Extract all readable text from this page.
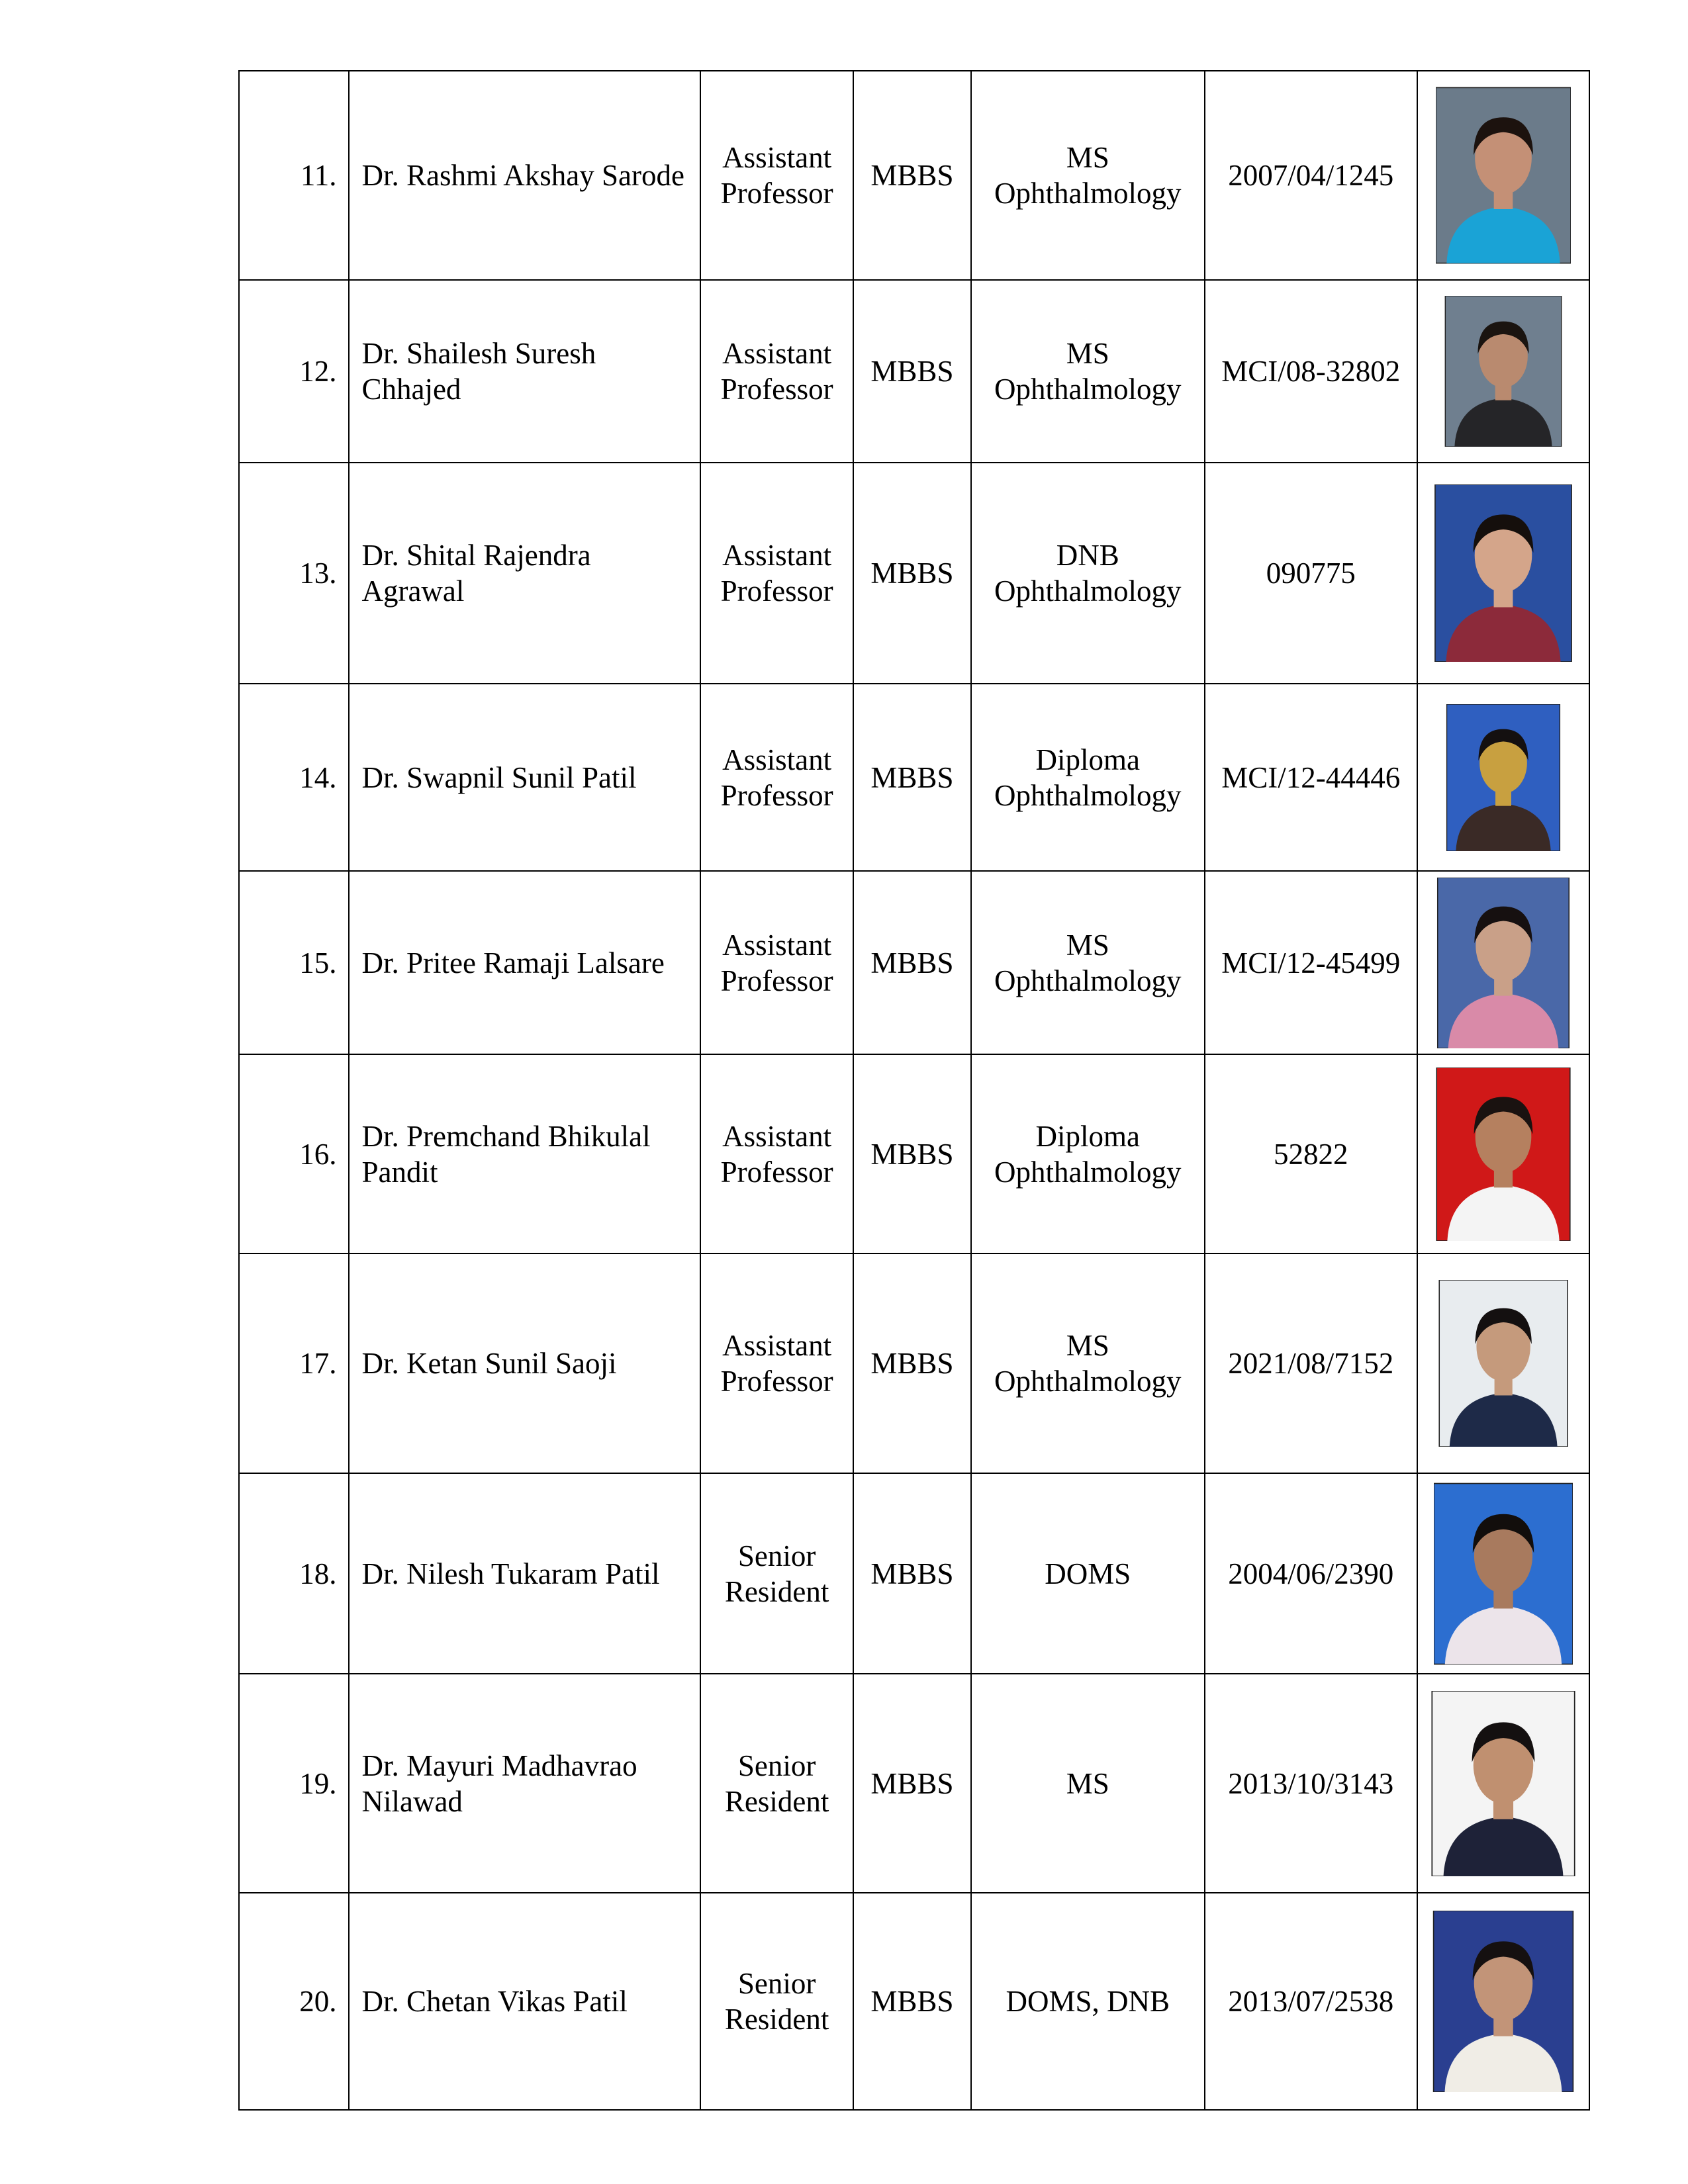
11.	Dr. Rashmi Akshay Sarode	Assistant Professor	MBBS	MS Ophthalmology	2007/04/1245	

12.	Dr. Shailesh Suresh Chhajed	Assistant Professor	MBBS	MS Ophthalmology	MCI/08-32802	

13.	Dr. Shital Rajendra Agrawal	Assistant Professor	MBBS	DNB Ophthalmology	090775	

14.	Dr. Swapnil Sunil Patil	Assistant Professor	MBBS	Diploma Ophthalmology	MCI/12-44446	

15.	Dr. Pritee Ramaji Lalsare	Assistant Professor	MBBS	MS Ophthalmology	MCI/12-45499	

16.	Dr. Premchand Bhikulal Pandit	Assistant Professor	MBBS	Diploma Ophthalmology	52822	

17.	Dr. Ketan Sunil Saoji	Assistant Professor	MBBS	MS Ophthalmology	2021/08/7152	

18.	Dr. Nilesh Tukaram Patil	Senior Resident	MBBS	DOMS	2004/06/2390	

19.	Dr. Mayuri Madhavrao Nilawad	Senior Resident	MBBS	MS	2013/10/3143	

20.	Dr. Chetan Vikas Patil	Senior Resident	MBBS	DOMS, DNB	2013/07/2538	
